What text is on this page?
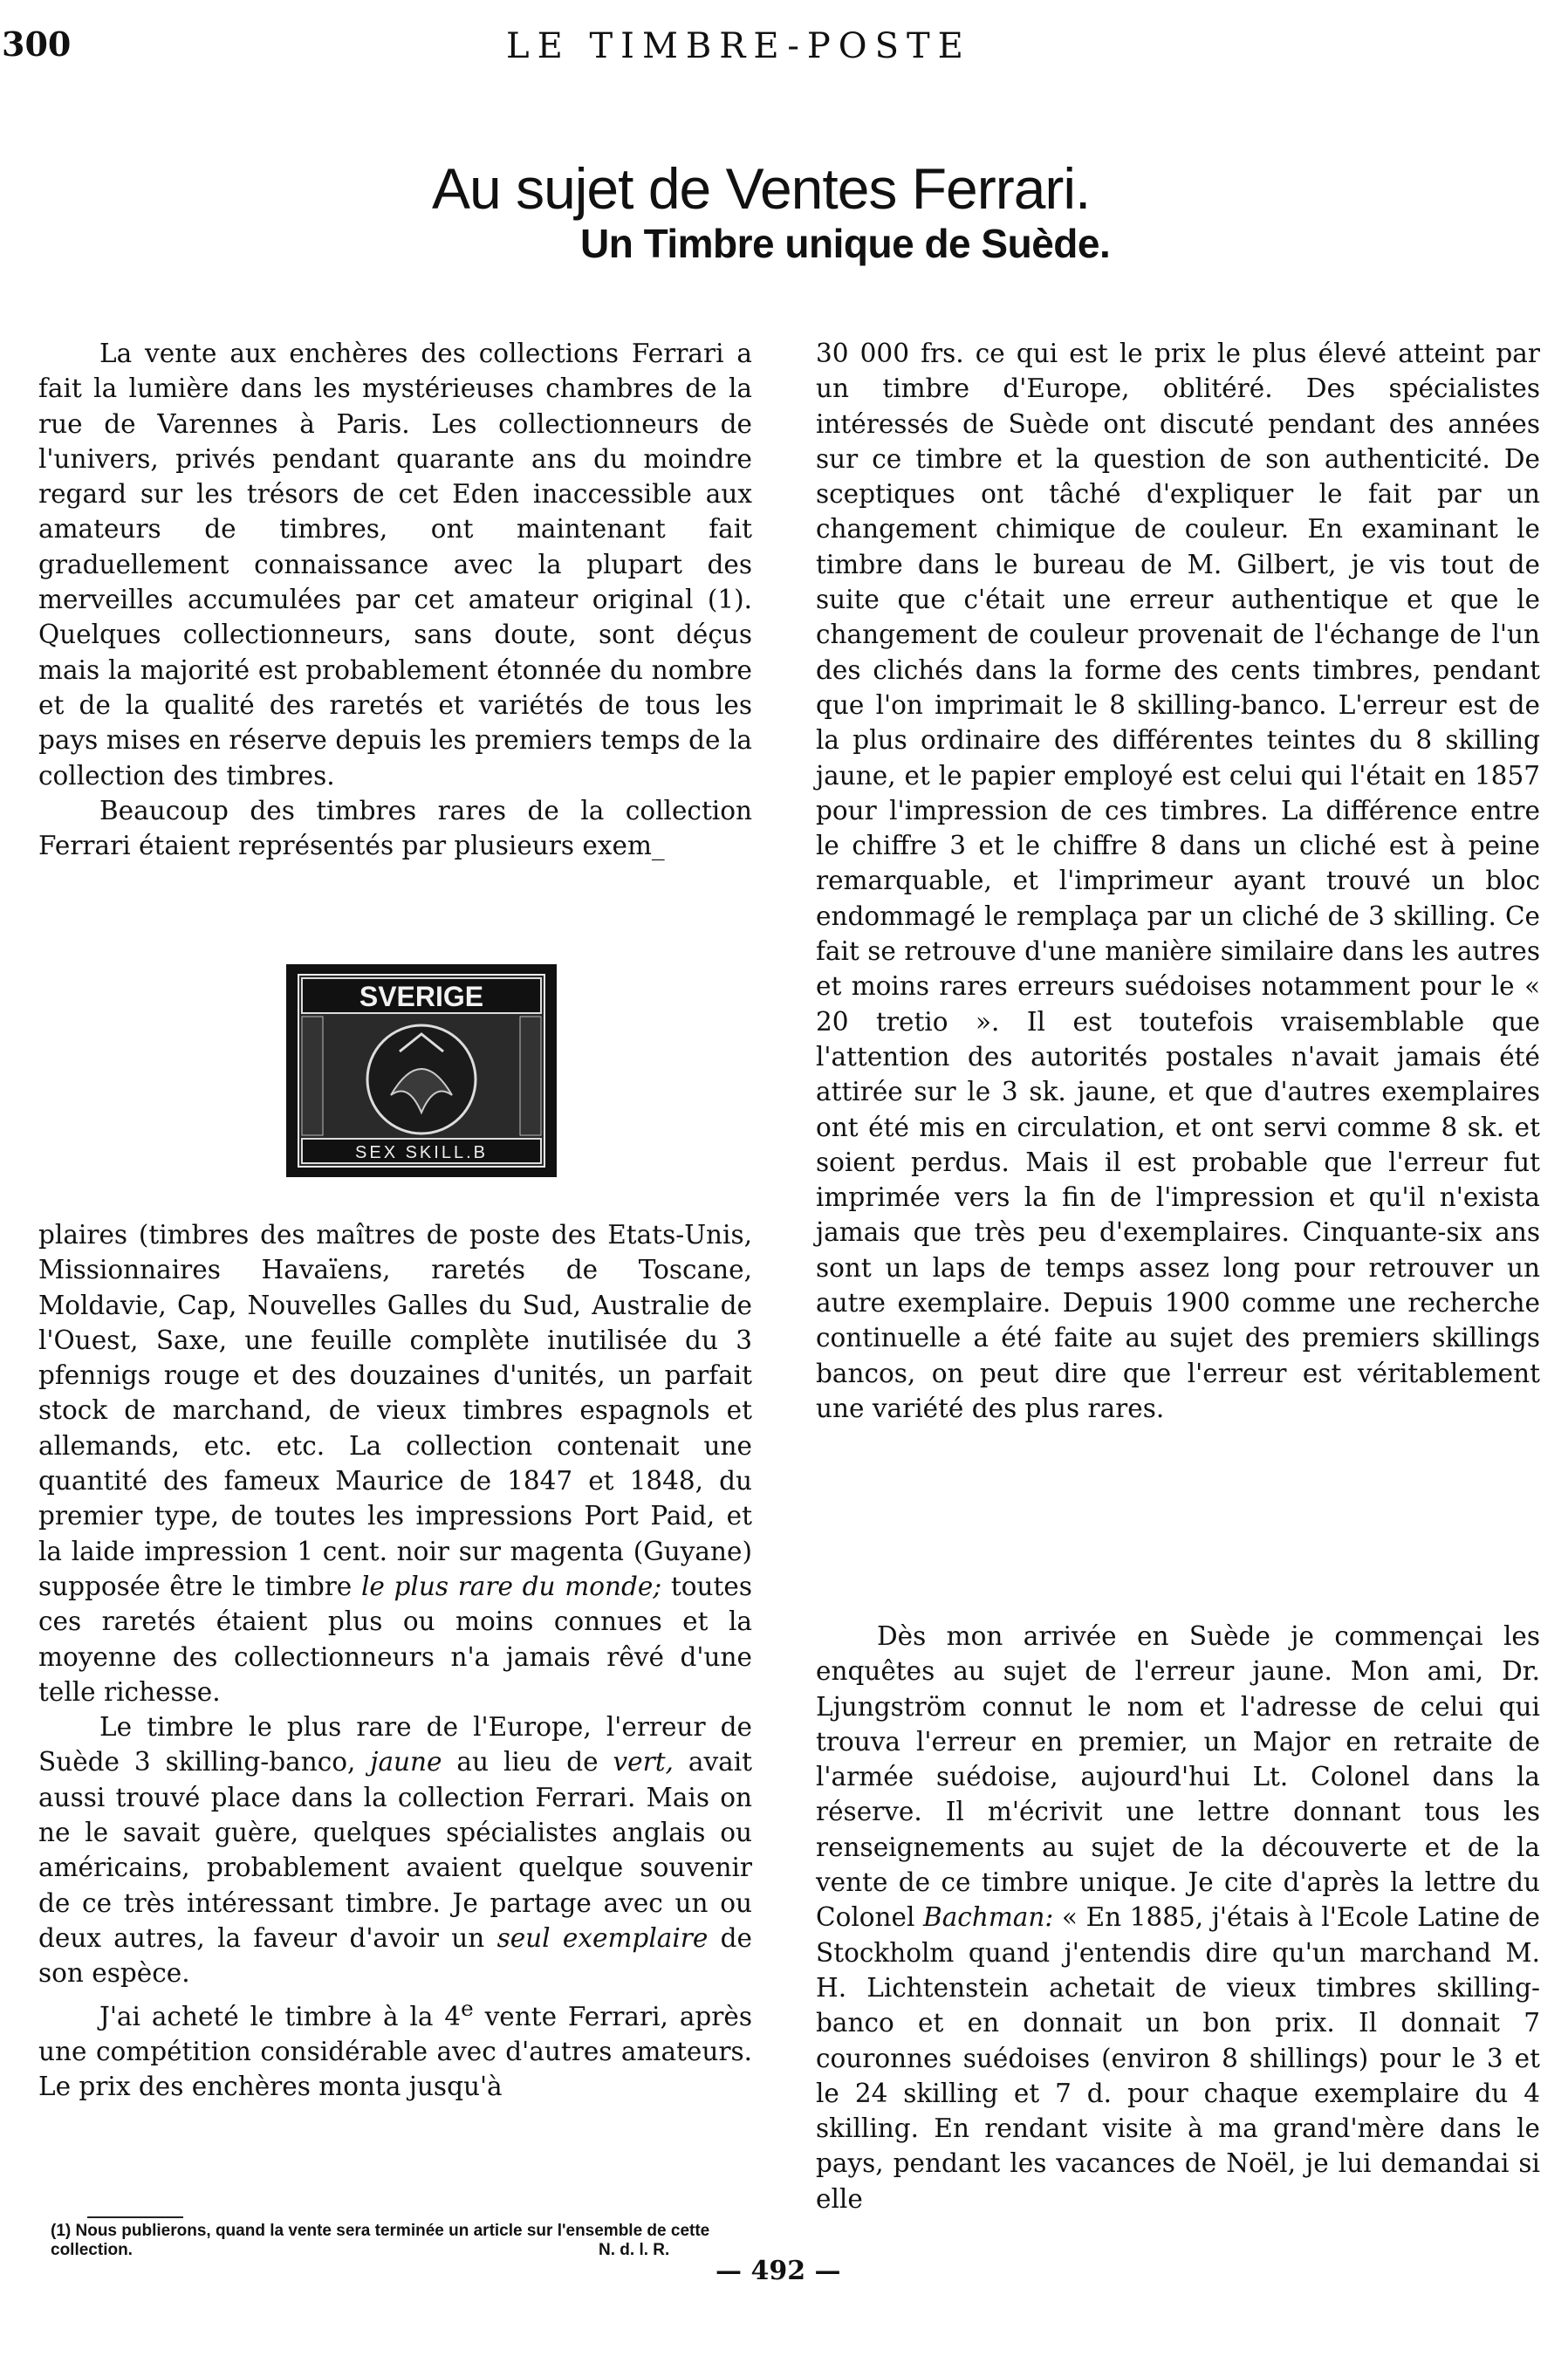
300	LE TIMBRE-POSTE
Au sujet de Ventes Ferrari.
Un Timbre unique de Suède.

La vente aux enchères des collections Ferrari a fait la lumière dans les mystérieuses chambres de la rue de Varennes à Paris. Les collectionneurs de l'univers, privés pendant quarante ans du moindre regard sur les trésors de cet Eden inaccessible aux amateurs de timbres, ont maintenant fait graduellement connaissance avec la plupart des merveilles accumulées par cet amateur original (1). Quelques collectionneurs, sans doute, sont déçus mais la majorité est probablement étonnée du nombre et de la qualité des raretés et variétés de tous les pays mises en réserve depuis les premiers temps de la collection des timbres.

Beaucoup des timbres rares de la collection Ferrari étaient représentés par plusieurs exem_

SVERIGE
SEX SKILL.B

plaires (timbres des maîtres de poste des Etats-Unis, Missionnaires Havaïens, raretés de Toscane, Moldavie, Cap, Nouvelles Galles du Sud, Australie de l'Ouest, Saxe, une feuille complète inutilisée du 3 pfennigs rouge et des douzaines d'unités, un parfait stock de marchand, de vieux timbres espagnols et allemands, etc. etc. La collection contenait une quantité des fameux Maurice de 1847 et 1848, du premier type, de toutes les impressions Port Paid, et la laide impression 1 cent. noir sur magenta (Guyane) supposée être le timbre le plus rare du monde; toutes ces raretés étaient plus ou moins connues et la moyenne des collectionneurs n'a jamais rêvé d'une telle richesse.

Le timbre le plus rare de l'Europe, l'erreur de Suède 3 skilling-banco, jaune au lieu de vert, avait aussi trouvé place dans la collection Ferrari. Mais on ne le savait guère, quelques spécialistes anglais ou américains, probablement avaient quelque souvenir de ce très intéressant timbre. Je partage avec un ou deux autres, la faveur d'avoir un seul exemplaire de son espèce.

J'ai acheté le timbre à la 4e vente Ferrari, après une compétition considérable avec d'autres amateurs. Le prix des enchères monta jusqu'à

30 000 frs. ce qui est le prix le plus élevé atteint par un timbre d'Europe, oblitéré. Des spécialistes intéressés de Suède ont discuté pendant des années sur ce timbre et la question de son authenticité. De sceptiques ont tâché d'expliquer le fait par un changement chimique de couleur. En examinant le timbre dans le bureau de M. Gilbert, je vis tout de suite que c'était une erreur authentique et que le changement de couleur provenait de l'échange de l'un des clichés dans la forme des cents timbres, pendant que l'on imprimait le 8 skilling-banco. L'erreur est de la plus ordinaire des différentes teintes du 8 skilling jaune, et le papier employé est celui qui l'était en 1857 pour l'impression de ces timbres. La différence entre le chiffre 3 et le chiffre 8 dans un cliché est à peine remarquable, et l'imprimeur ayant trouvé un bloc endommagé le remplaça par un cliché de 3 skilling. Ce fait se retrouve d'une manière similaire dans les autres et moins rares erreurs suédoises notamment pour le « 20 tretio ». Il est toutefois vraisemblable que l'attention des autorités postales n'avait jamais été attirée sur le 3 sk. jaune, et que d'autres exemplaires ont été mis en circulation, et ont servi comme 8 sk. et soient perdus. Mais il est probable que l'erreur fut imprimée vers la fin de l'impression et qu'il n'exista jamais que très peu d'exemplaires. Cinquante-six ans sont un laps de temps assez long pour retrouver un autre exemplaire. Depuis 1900 comme une recherche continuelle a été faite au sujet des premiers skillings bancos, on peut dire que l'erreur est véritablement une variété des plus rares.

Dès mon arrivée en Suède je commençai les enquêtes au sujet de l'erreur jaune. Mon ami, Dr. Ljungström connut le nom et l'adresse de celui qui trouva l'erreur en premier, un Major en retraite de l'armée suédoise, aujourd'hui Lt. Colonel dans la réserve. Il m'écrivit une lettre donnant tous les renseignements au sujet de la découverte et de la vente de ce timbre unique. Je cite d'après la lettre du Colonel Bachman: « En 1885, j'étais à l'Ecole Latine de Stockholm quand j'entendis dire qu'un marchand M. H. Lichtenstein achetait de vieux timbres skilling-banco et en donnait un bon prix. Il donnait 7 couronnes suédoises (environ 8 shillings) pour le 3 et le 24 skilling et 7 d. pour chaque exemplaire du 4 skilling. En rendant visite à ma grand'mère dans le pays, pendant les vacances de Noël, je lui demandai si elle

(1) Nous publierons, quand la vente sera terminée un article sur l'ensemble de cette collection.	N. d. l. R.
— 492 —
